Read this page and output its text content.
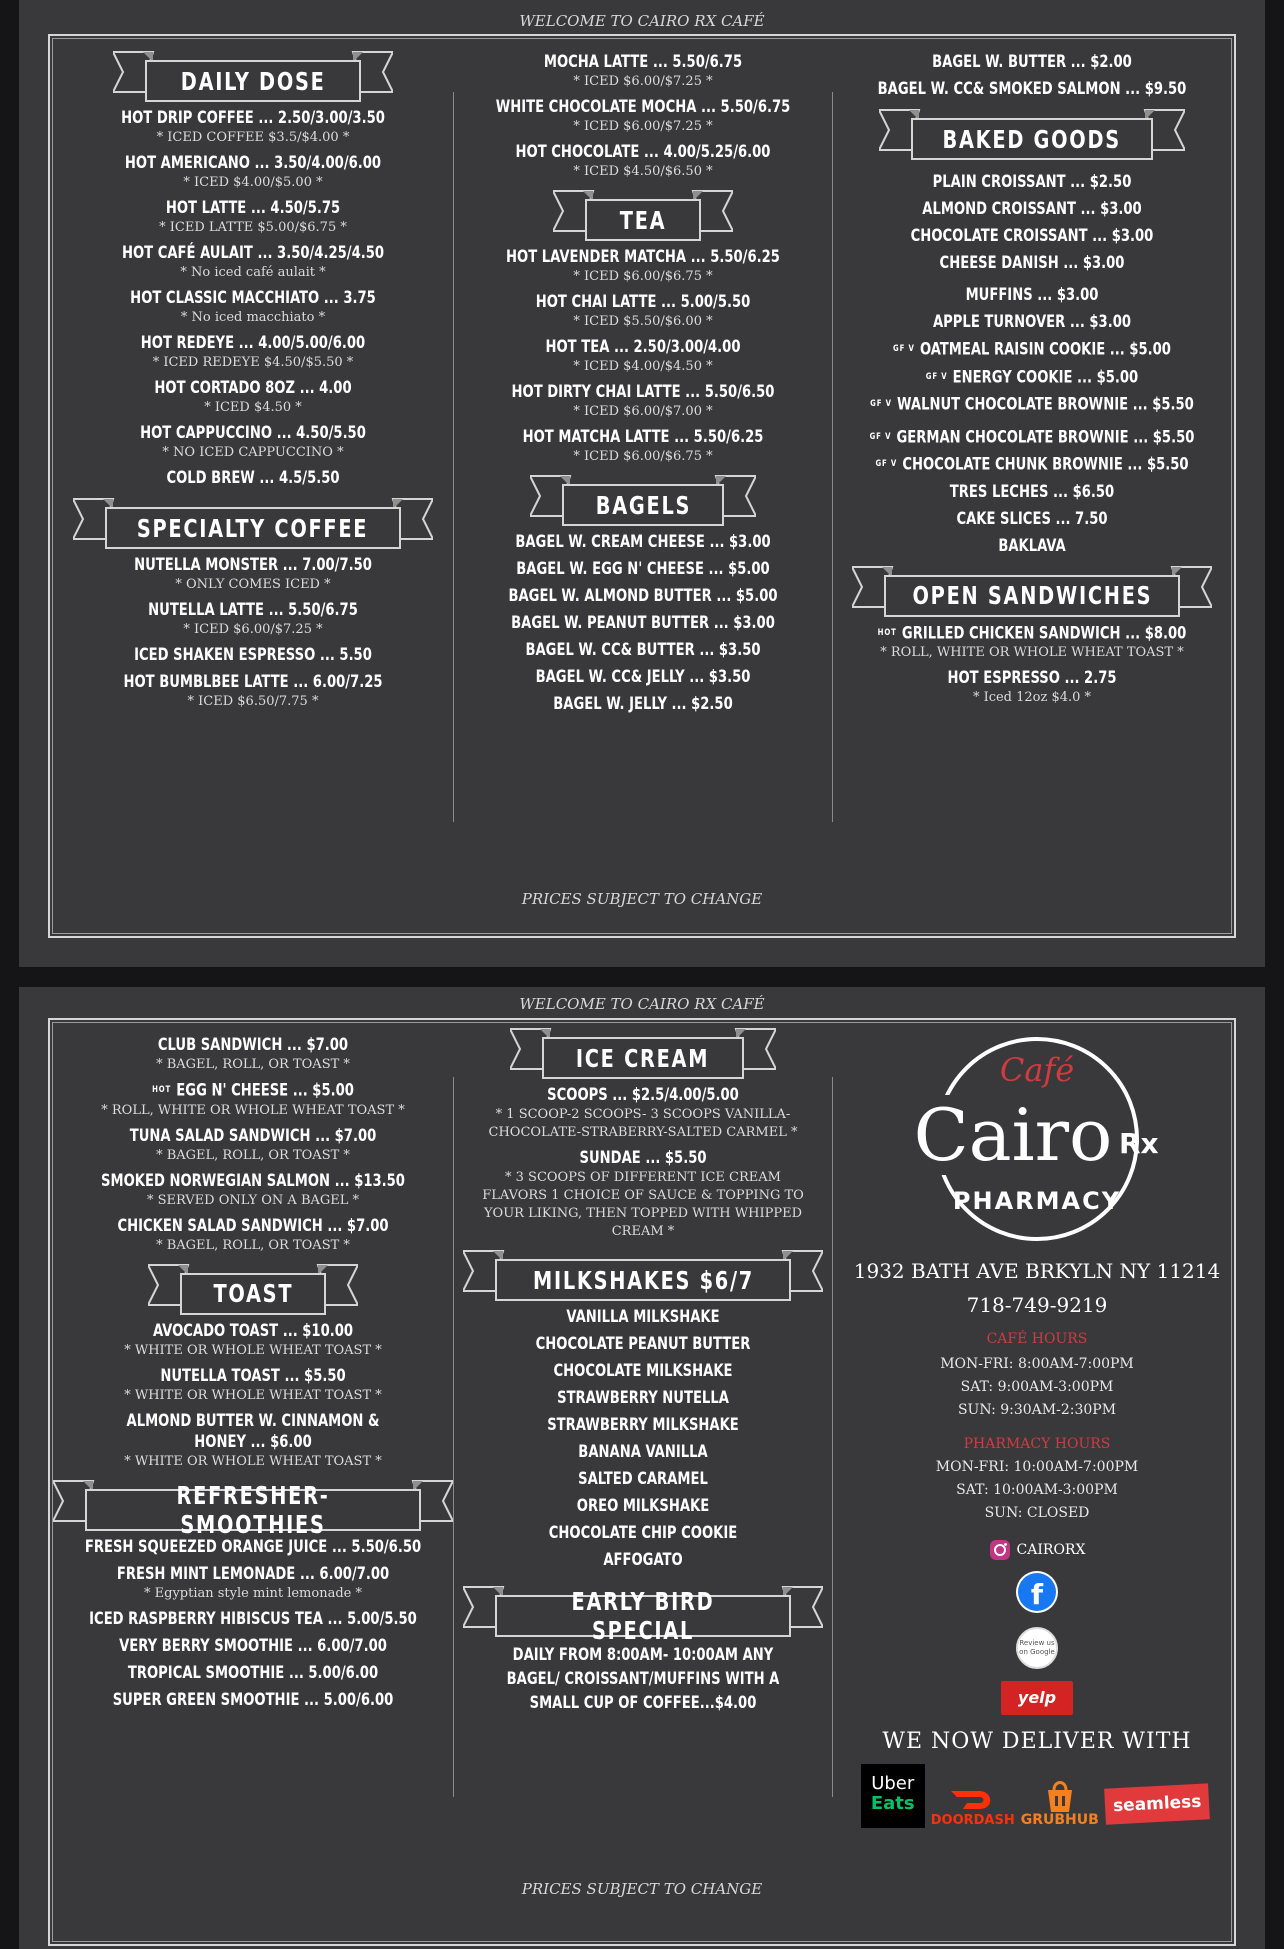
WELCOME TO CAIRO RX CAFÉ
DAILY DOSE
HOT DRIP COFFEE ... 2.50/3.00/3.50
* ICED COFFEE $3.5/$4.00 *
HOT AMERICANO ... 3.50/4.00/6.00
* ICED $4.00/$5.00 *
HOT LATTE ... 4.50/5.75
* ICED LATTE $5.00/$6.75 *
HOT CAFÉ AULAIT ... 3.50/4.25/4.50
* No iced café aulait *
HOT CLASSIC MACCHIATO ... 3.75
* No iced macchiato *
HOT REDEYE ... 4.00/5.00/6.00
* ICED REDEYE $4.50/$5.50 *
HOT CORTADO 8OZ ... 4.00
* ICED $4.50 *
HOT CAPPUCCINO ... 4.50/5.50
* NO ICED CAPPUCCINO *
COLD BREW ... 4.5/5.50
SPECIALTY COFFEE
NUTELLA MONSTER ... 7.00/7.50
* ONLY COMES ICED *
NUTELLA LATTE ... 5.50/6.75
* ICED $6.00/$7.25 *
ICED SHAKEN ESPRESSO ... 5.50
HOT BUMBLBEE LATTE ... 6.00/7.25
* ICED $6.50/7.75 *
MOCHA LATTE ... 5.50/6.75
* ICED $6.00/$7.25 *
WHITE CHOCOLATE MOCHA ... 5.50/6.75
* ICED $6.00/$7.25 *
HOT CHOCOLATE ... 4.00/5.25/6.00
* ICED $4.50/$6.50 *
TEA
HOT LAVENDER MATCHA ... 5.50/6.25
* ICED $6.00/$6.75 *
HOT CHAI LATTE ... 5.00/5.50
* ICED $5.50/$6.00 *
HOT TEA ... 2.50/3.00/4.00
* ICED $4.00/$4.50 *
HOT DIRTY CHAI LATTE ... 5.50/6.50
* ICED $6.00/$7.00 *
HOT MATCHA LATTE ... 5.50/6.25
* ICED $6.00/$6.75 *
BAGELS
BAGEL W. CREAM CHEESE ... $3.00
BAGEL W. EGG N' CHEESE ... $5.00
BAGEL W. ALMOND BUTTER ... $5.00
BAGEL W. PEANUT BUTTER ... $3.00
BAGEL W. CC& BUTTER ... $3.50
BAGEL W. CC& JELLY ... $3.50
BAGEL W. JELLY ... $2.50
BAGEL W. BUTTER ... $2.00
BAGEL W. CC& SMOKED SALMON ... $9.50
BAKED GOODS
PLAIN CROISSANT ... $2.50
ALMOND CROISSANT ... $3.00
CHOCOLATE CROISSANT ... $3.00
CHEESE DANISH ... $3.00
MUFFINS ... $3.00
APPLE TURNOVER ... $3.00
GF V OATMEAL RAISIN COOKIE ... $5.00
GF V ENERGY COOKIE ... $5.00
GF V WALNUT CHOCOLATE BROWNIE ... $5.50
GF V GERMAN CHOCOLATE BROWNIE ... $5.50
GF V CHOCOLATE CHUNK BROWNIE ... $5.50
TRES LECHES ... $6.50
CAKE SLICES ... 7.50
BAKLAVA
OPEN SANDWICHES
HOT GRILLED CHICKEN SANDWICH ... $8.00
* ROLL, WHITE OR WHOLE WHEAT TOAST *
HOT ESPRESSO ... 2.75
* Iced 12oz $4.0 *
PRICES SUBJECT TO CHANGE
WELCOME TO CAIRO RX CAFÉ
CLUB SANDWICH ... $7.00
* BAGEL, ROLL, OR TOAST *
HOT EGG N' CHEESE ... $5.00
* ROLL, WHITE OR WHOLE WHEAT TOAST *
TUNA SALAD SANDWICH ... $7.00
* BAGEL, ROLL, OR TOAST *
SMOKED NORWEGIAN SALMON ... $13.50
* SERVED ONLY ON A BAGEL *
CHICKEN SALAD SANDWICH ... $7.00
* BAGEL, ROLL, OR TOAST *
TOAST
AVOCADO TOAST ... $10.00
* WHITE OR WHOLE WHEAT TOAST *
NUTELLA TOAST ... $5.50
* WHITE OR WHOLE WHEAT TOAST *
ALMOND BUTTER W. CINNAMON & HONEY ... $6.00
* WHITE OR WHOLE WHEAT TOAST *
REFRESHER- SMOOTHIES
FRESH SQUEEZED ORANGE JUICE ... 5.50/6.50
FRESH MINT LEMONADE ... 6.00/7.00
* Egyptian style mint lemonade *
ICED RASPBERRY HIBISCUS TEA ... 5.00/5.50
VERY BERRY SMOOTHIE ... 6.00/7.00
TROPICAL SMOOTHIE ... 5.00/6.00
SUPER GREEN SMOOTHIE ... 5.00/6.00
ICE CREAM
SCOOPS ... $2.5/4.00/5.00
* 1 SCOOP-2 SCOOPS- 3 SCOOPS VANILLA-CHOCOLATE-STRABERRY-SALTED CARMEL *
SUNDAE ... $5.50
* 3 SCOOPS OF DIFFERENT ICE CREAM FLAVORS 1 CHOICE OF SAUCE & TOPPING TO YOUR LIKING, THEN TOPPED WITH WHIPPED CREAM *
MILKSHAKES $6/7
VANILLA MILKSHAKE
CHOCOLATE PEANUT BUTTER
CHOCOLATE MILKSHAKE
STRAWBERRY NUTELLA
STRAWBERRY MILKSHAKE
BANANA VANILLA
SALTED CARAMEL
OREO MILKSHAKE
CHOCOLATE CHIP COOKIE
AFFOGATO
EARLY BIRD SPECIAL
DAILY FROM 8:00AM- 10:00AM ANY BAGEL/ CROISSANT/MUFFINS WITH A SMALL CUP OF COFFEE...$4.00
Café
Cairo Rx
PHARMACY
1932 BATH AVE BRKYLN NY 11214
718-749-9219
CAFÉ HOURS
MON-FRI: 8:00AM-7:00PM
SAT: 9:00AM-3:00PM
SUN: 9:30AM-2:30PM
PHARMACY HOURS
MON-FRI: 10:00AM-7:00PM
SAT: 10:00AM-3:00PM
SUN: CLOSED
CAIRORX
f
Review us on Google
yelp
WE NOW DELIVER WITH
Uber
Eats
DOORDASH GRUBHUB
seamless
PRICES SUBJECT TO CHANGE
